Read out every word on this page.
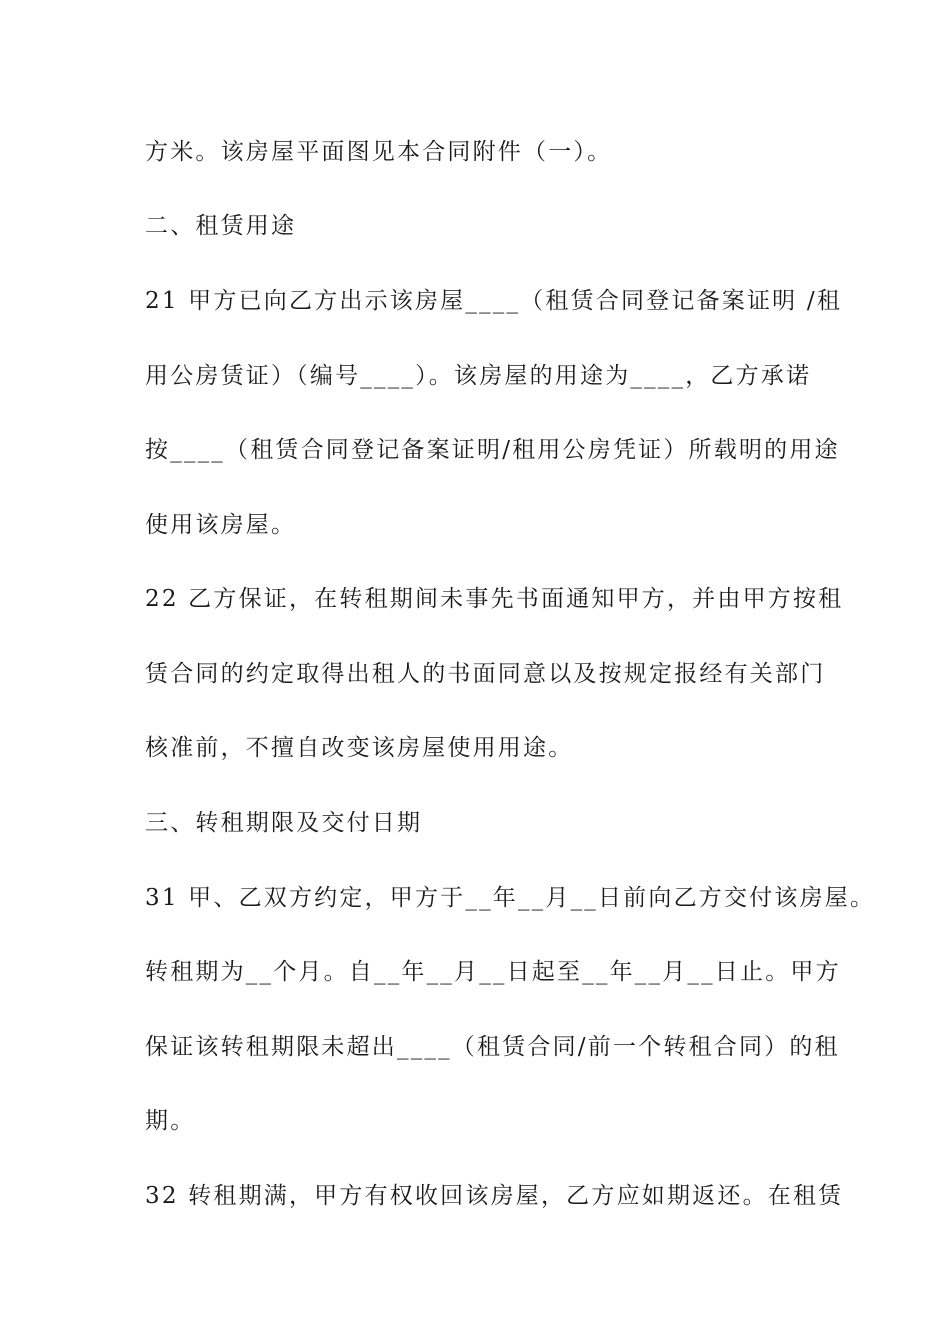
方米。该房屋平面图见本合同附件（一）。
二、租赁用途
21 甲方已向乙方出示该房屋____（租赁合同登记备案证明 /租
用公房赁证）（编号____）。该房屋的用途为____，乙方承诺
按____（租赁合同登记备案证明/租用公房凭证）所载明的用途
使用该房屋。
22 乙方保证，在转租期间未事先书面通知甲方，并由甲方按租
赁合同的约定取得出租人的书面同意以及按规定报经有关部门
核准前，不擅自改变该房屋使用用途。
三、转租期限及交付日期
31 甲、乙双方约定，甲方于__年__月__日前向乙方交付该房屋。
转租期为__个月。自__年__月__日起至__年__月__日止。甲方
保证该转租期限未超出____（租赁合同/前一个转租合同）的租
期。
32 转租期满，甲方有权收回该房屋，乙方应如期返还。在租赁
